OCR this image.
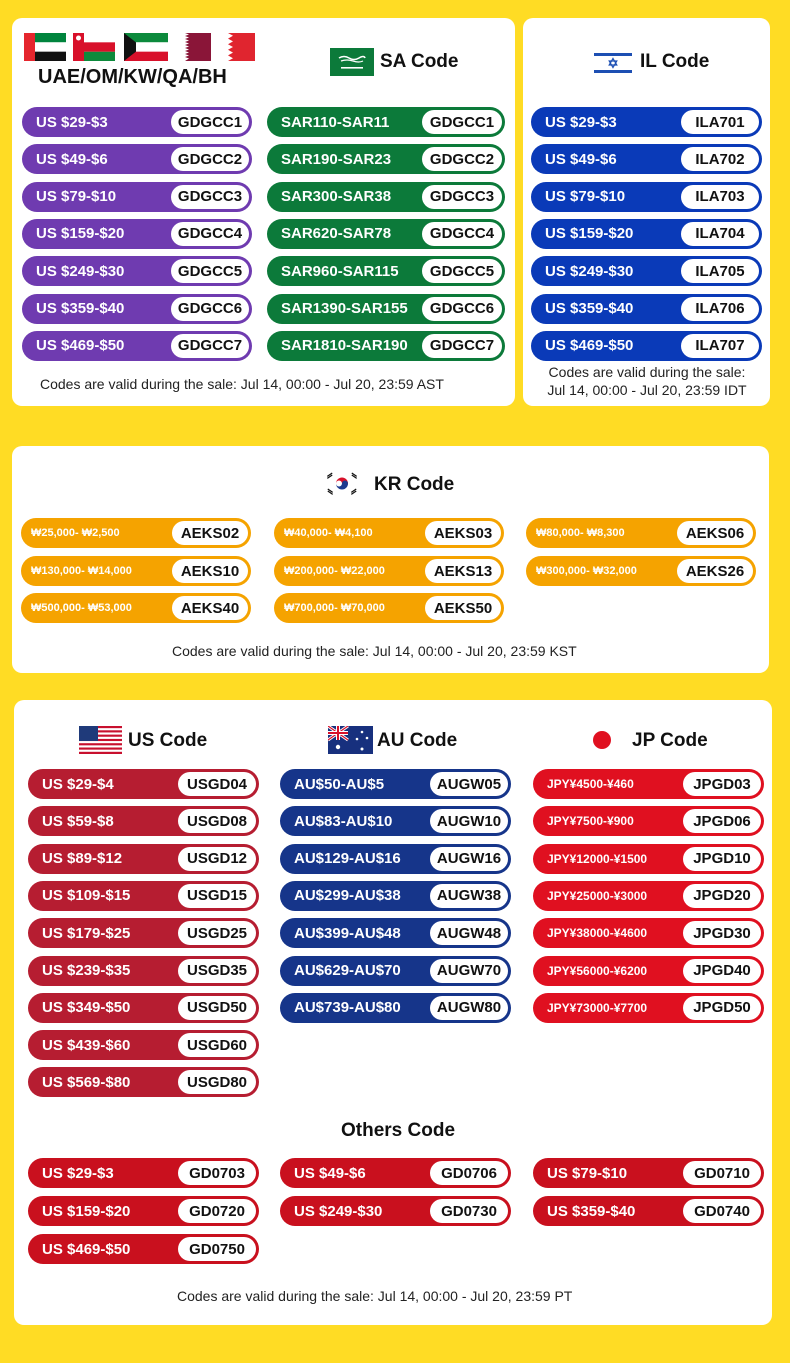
UAE/OM/KW/QA/BH
SA Code
US $29-$3	GDGCC1
US $49-$6	GDGCC2
US $79-$10	GDGCC3
US $159-$20	GDGCC4
US $249-$30	GDGCC5
US $359-$40	GDGCC6
US $469-$50	GDGCC7
SAR110-SAR11	GDGCC1
SAR190-SAR23	GDGCC2
SAR300-SAR38	GDGCC3
SAR620-SAR78	GDGCC4
SAR960-SAR115	GDGCC5
SAR1390-SAR155	GDGCC6
SAR1810-SAR190	GDGCC7
Codes are valid during the sale: Jul 14, 00:00 - Jul 20, 23:59 AST
IL Code
US $29-$3	ILA701
US $49-$6	ILA702
US $79-$10	ILA703
US $159-$20	ILA704
US $249-$30	ILA705
US $359-$40	ILA706
US $469-$50	ILA707
Codes are valid during the sale:
Jul 14, 00:00 - Jul 20, 23:59 IDT
KR Code
₩25,000- ₩2,500	AEKS02	₩40,000- ₩4,100	AEKS03	₩80,000- ₩8,300	AEKS06
₩130,000- ₩14,000	AEKS10	₩200,000- ₩22,000	AEKS13	₩300,000- ₩32,000	AEKS26
₩500,000- ₩53,000	AEKS40	₩700,000- ₩70,000	AEKS50
Codes are valid during the sale: Jul 14, 00:00 - Jul 20, 23:59 KST
US Code	AU Code	JP Code
US $29-$4	USGD04
US $59-$8	USGD08
US $89-$12	USGD12
US $109-$15	USGD15
US $179-$25	USGD25
US $239-$35	USGD35
US $349-$50	USGD50
US $439-$60	USGD60
US $569-$80	USGD80
AU$50-AU$5	AUGW05
AU$83-AU$10	AUGW10
AU$129-AU$16	AUGW16
AU$299-AU$38	AUGW38
AU$399-AU$48	AUGW48
AU$629-AU$70	AUGW70
AU$739-AU$80	AUGW80
JPY¥4500-¥460	JPGD03
JPY¥7500-¥900	JPGD06
JPY¥12000-¥1500	JPGD10
JPY¥25000-¥3000	JPGD20
JPY¥38000-¥4600	JPGD30
JPY¥56000-¥6200	JPGD40
JPY¥73000-¥7700	JPGD50
Others Code
US $29-$3	GD0703	US $49-$6	GD0706	US $79-$10	GD0710
US $159-$20	GD0720	US $249-$30	GD0730	US $359-$40	GD0740
US $469-$50	GD0750
Codes are valid during the sale: Jul 14, 00:00 - Jul 20, 23:59 PT
